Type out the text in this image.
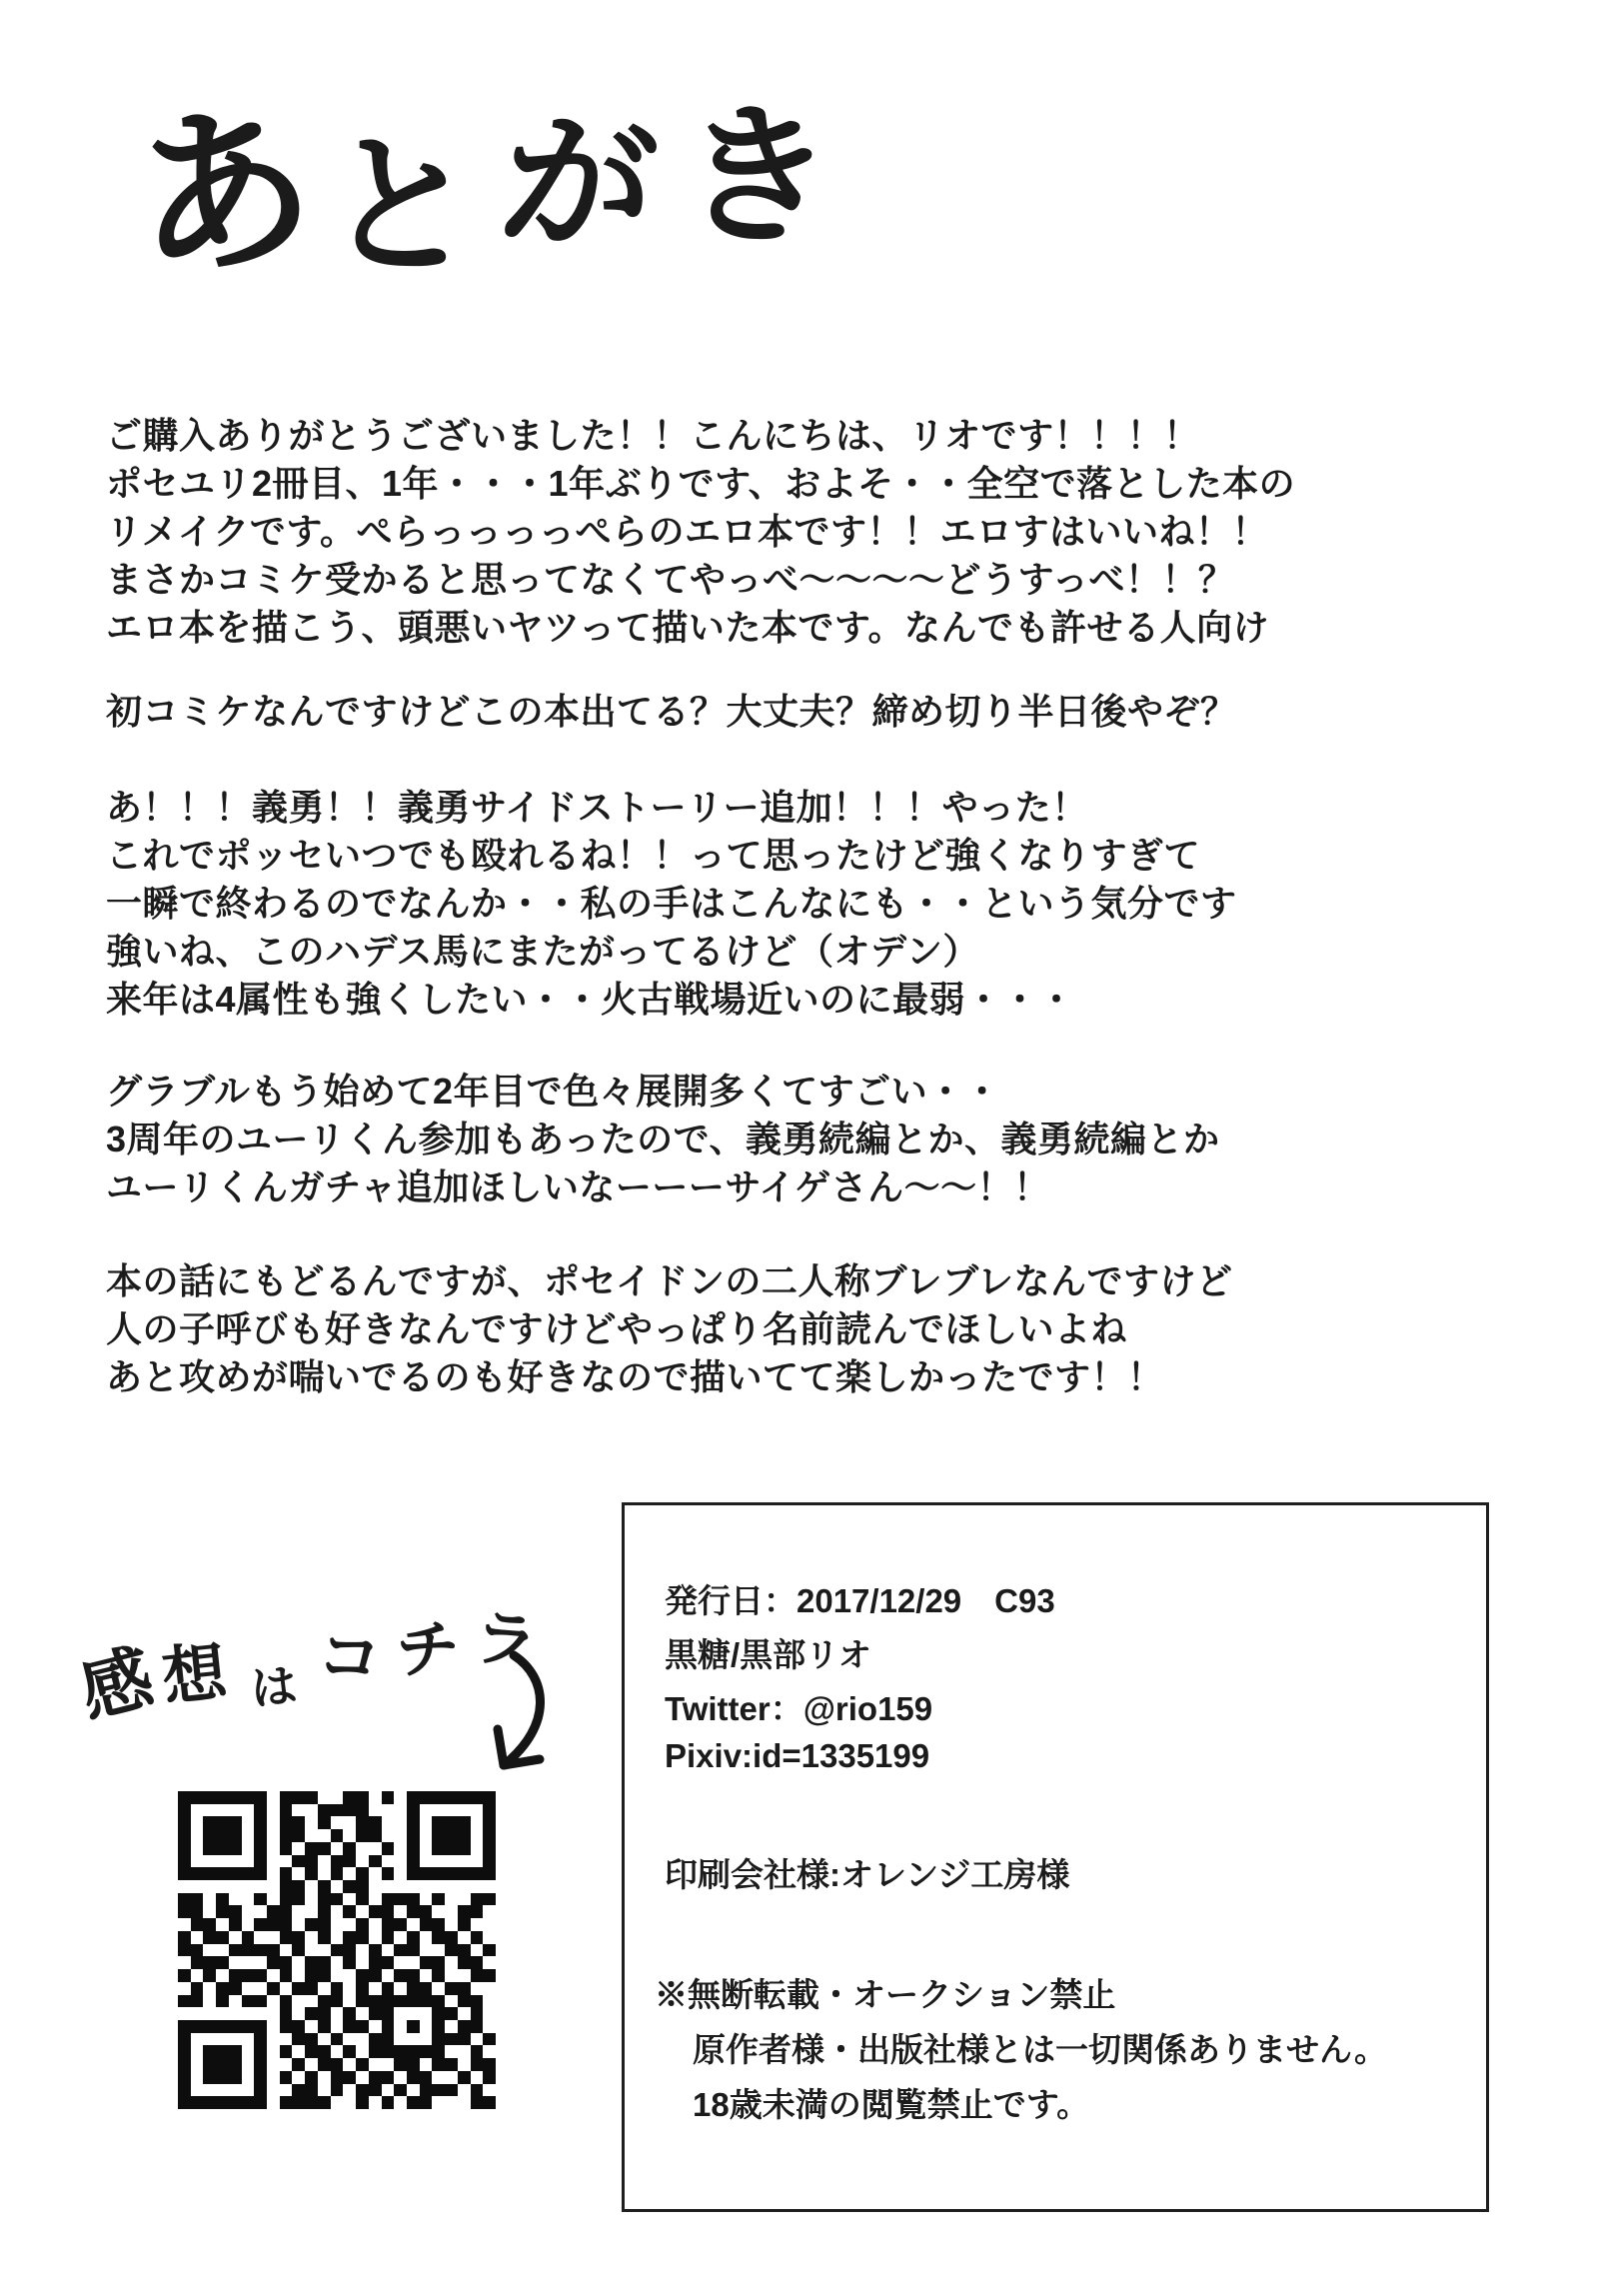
あとがき
ご購入ありがとうございました！！こんにちは、リオです！！！！
ポセユリ2冊目、1年・・・1年ぶりです、およそ・・全空で落とした本の
リメイクです。ぺらっっっっぺらのエロ本です！！エロすはいいね！！
まさかコミケ受かると思ってなくてやっべ～～～～どうすっべ！！？
エロ本を描こう、頭悪いヤツって描いた本です。なんでも許せる人向け
初コミケなんですけどこの本出てる？大丈夫？締め切り半日後やぞ？
あ！！！義勇！！義勇サイドストーリー追加！！！やった！
これでポッセいつでも殴れるね！！って思ったけど強くなりすぎて
一瞬で終わるのでなんか・・私の手はこんなにも・・という気分です
強いね、このハデス馬にまたがってるけど（オデン）
来年は4属性も強くしたい・・火古戦場近いのに最弱・・・
グラブルもう始めて2年目で色々展開多くてすごい・・
3周年のユーリくん参加もあったので、義勇続編とか、義勇続編とか
ユーリくんガチャ追加ほしいなーーーサイゲさん～～！！
本の話にもどるんですが、ポセイドンの二人称ブレブレなんですけど
人の子呼びも好きなんですけどやっぱり名前読んでほしいよね
あと攻めが喘いでるのも好きなので描いてて楽しかったです！！
感想はコチラ	発行日：2017/12/29　C93
黒糖/黒部リオ
Twitter：@rio159
Pixiv:id=1335199
印刷会社様:オレンジ工房様
※無断転載・オークション禁止
原作者様・出版社様とは一切関係ありません。
18歳未満の閲覧禁止です。
